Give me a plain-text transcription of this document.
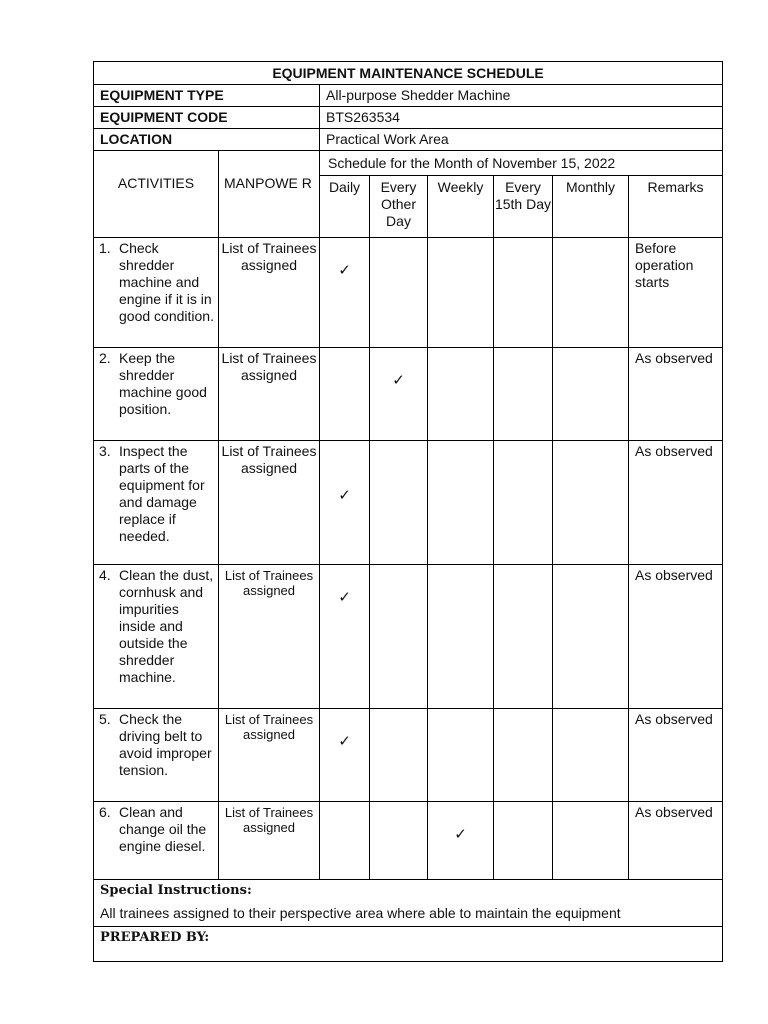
EQUIPMENT MAINTENANCE SCHEDULE							
EQUIPMENT TYPE		All-purpose Shedder Machine					
EQUIPMENT CODE		BTS263534					
LOCATION		Practical Work Area					
ACTIVITIES	MANPOWE R	Schedule for the Month of November 15, 2022					
		Daily	Every Other Day	Weekly	Every 15th Day	Monthly	Remarks

1. Check shredder machine and engine if it is in good condition.	List of Trainees assigned	✓					Before operation starts

2. Keep the shredder machine good position.	List of Trainees assigned		✓				As observed

3. Inspect the parts of the equipment for and damage replace if needed.	List of Trainees assigned	✓					As observed

4. Clean the dust, cornhusk and impurities inside and outside the shredder machine.	List of Trainees assigned	✓					As observed

5. Check the driving belt to avoid improper tension.	List of Trainees assigned	✓					As observed

6. Clean and change oil the engine diesel.	List of Trainees assigned			✓			As observed

Special Instructions:
All trainees assigned to their perspective area where able to maintain the equipment							

PREPARED BY:							
